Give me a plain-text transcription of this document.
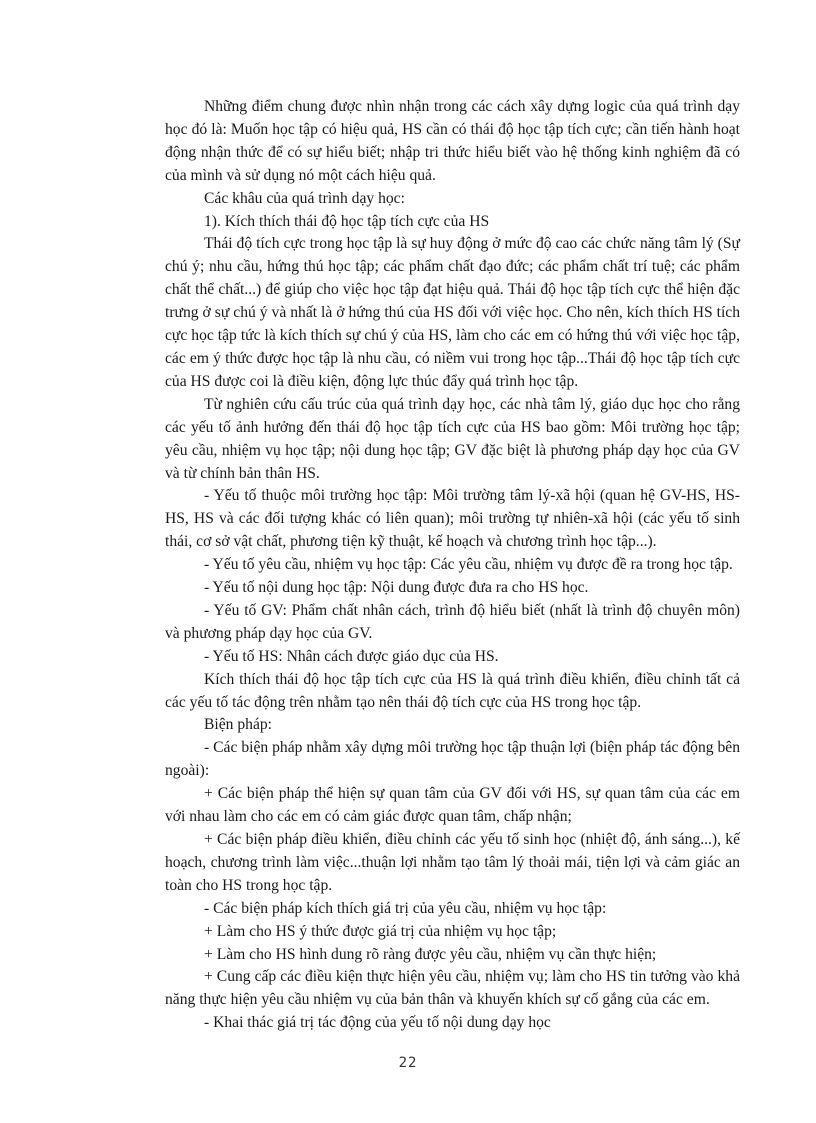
Những điểm chung được nhìn nhận trong các cách xây dựng logic của quá trình dạy học đó là: Muốn học tập có hiệu quả, HS cần có thái độ học tập tích cực; cần tiến hành hoạt động nhận thức để có sự hiểu biết; nhập tri thức hiểu biết vào hệ thống kinh nghiệm đã có của mình và sử dụng nó một cách hiệu quả.

Các khâu của quá trình dạy học:

1). Kích thích thái độ học tập tích cực của HS

Thái độ tích cực trong học tập là sự huy động ở mức độ cao các chức năng tâm lý (Sự chú ý; nhu cầu, hứng thú học tập; các phẩm chất đạo đức; các phẩm chất trí tuệ; các phẩm chất thể chất...) để giúp cho việc học tập đạt hiệu quả. Thái độ học tập tích cực thể hiện đặc trưng ở sự chú ý và nhất là ở hứng thú của HS đối với việc học. Cho nên, kích thích HS tích cực học tập tức là kích thích sự chú ý của HS, làm cho các em có hứng thú với việc học tập, các em ý thức được học tập là nhu cầu, có niềm vui trong học tập...Thái độ học tập tích cực của HS được coi là điều kiện, động lực thúc đẩy quá trình học tập.

Từ nghiên cứu cấu trúc của quá trình dạy học, các nhà tâm lý, giáo dục học cho rằng các yếu tố ảnh hưởng đến thái độ học tập tích cực của HS bao gồm: Môi trường học tập; yêu cầu, nhiệm vụ học tập; nội dung học tập; GV đặc biệt là phương pháp dạy học của GV và từ chính bản thân HS.

- Yếu tố thuộc môi trường học tập: Môi trường tâm lý-xã hội (quan hệ GV-HS, HS-HS, HS và các đối tượng khác có liên quan); môi trường tự nhiên-xã hội (các yếu tố sinh thái, cơ sở vật chất, phương tiện kỹ thuật, kế hoạch và chương trình học tập...).

- Yếu tố yêu cầu, nhiệm vụ học tập: Các yêu cầu, nhiệm vụ được đề ra trong học tập.

- Yếu tố nội dung học tập: Nội dung được đưa ra cho HS học.

- Yếu tố GV: Phẩm chất nhân cách, trình độ hiểu biết (nhất là trình độ chuyên môn) và phương pháp dạy học của GV.

- Yếu tố HS: Nhân cách được giáo dục của HS.

Kích thích thái độ học tập tích cực của HS là quá trình điều khiển, điều chỉnh tất cả các yếu tố tác động trên nhằm tạo nên thái độ tích cực của HS trong học tập.

Biện pháp:

- Các biện pháp nhằm xây dựng môi trường học tập thuận lợi (biện pháp tác động bên ngoài):

+ Các biện pháp thể hiện sự quan tâm của GV đối với HS, sự quan tâm của các em với nhau làm cho các em có cảm giác được quan tâm, chấp nhận;

+ Các biện pháp điều khiển, điều chỉnh các yếu tố sinh học (nhiệt độ, ánh sáng...), kế hoạch, chương trình làm việc...thuận lợi nhằm tạo tâm lý thoải mái, tiện lợi và cảm giác an toàn cho HS trong học tập.

- Các biện pháp kích thích giá trị của yêu cầu, nhiệm vụ học tập:

+ Làm cho HS ý thức được giá trị của nhiệm vụ học tập;

+ Làm cho HS hình dung rõ ràng được yêu cầu, nhiệm vụ cần thực hiện;

+ Cung cấp các điều kiện thực hiện yêu cầu, nhiệm vụ; làm cho HS tin tưởng vào khả năng thực hiện yêu cầu nhiệm vụ của bản thân và khuyến khích sự cố gắng của các em.

- Khai thác giá trị tác động của yếu tố nội dung dạy học

22
